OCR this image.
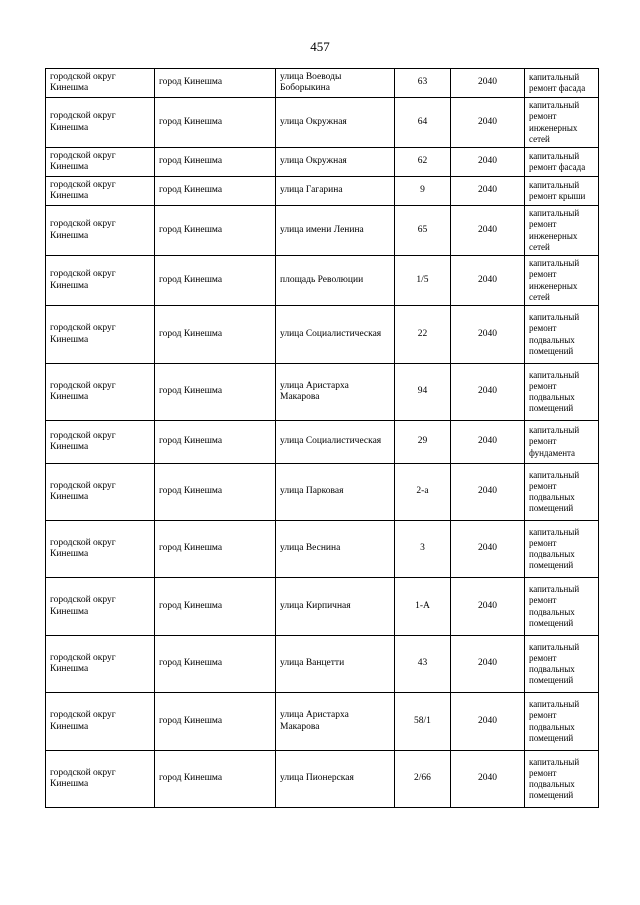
457
городской округ Кинешма	город Кинешма	улица Воеводы Боборыкина	63	2040	капитальный ремонт фасада
городской округ Кинешма	город Кинешма	улица Окружная	64	2040	капитальный ремонт инженерных сетей
городской округ Кинешма	город Кинешма	улица Окружная	62	2040	капитальный ремонт фасада
городской округ Кинешма	город Кинешма	улица Гагарина	9	2040	капитальный ремонт крыши
городской округ Кинешма	город Кинешма	улица имени Ленина	65	2040	капитальный ремонт инженерных сетей
городской округ Кинешма	город Кинешма	площадь Революции	1/5	2040	капитальный ремонт инженерных сетей
городской округ Кинешма	город Кинешма	улица Социалистическая	22	2040	капитальный ремонт подвальных помещений
городской округ Кинешма	город Кинешма	улица Аристарха Макарова	94	2040	капитальный ремонт подвальных помещений
городской округ Кинешма	город Кинешма	улица Социалистическая	29	2040	капитальный ремонт фундамента
городской округ Кинешма	город Кинешма	улица Парковая	2-а	2040	капитальный ремонт подвальных помещений
городской округ Кинешма	город Кинешма	улица Веснина	3	2040	капитальный ремонт подвальных помещений
городской округ Кинешма	город Кинешма	улица Кирпичная	1-А	2040	капитальный ремонт подвальных помещений
городской округ Кинешма	город Кинешма	улица Ванцетти	43	2040	капитальный ремонт подвальных помещений
городской округ Кинешма	город Кинешма	улица Аристарха Макарова	58/1	2040	капитальный ремонт подвальных помещений
городской округ Кинешма	город Кинешма	улица Пионерская	2/66	2040	капитальный ремонт подвальных помещений
